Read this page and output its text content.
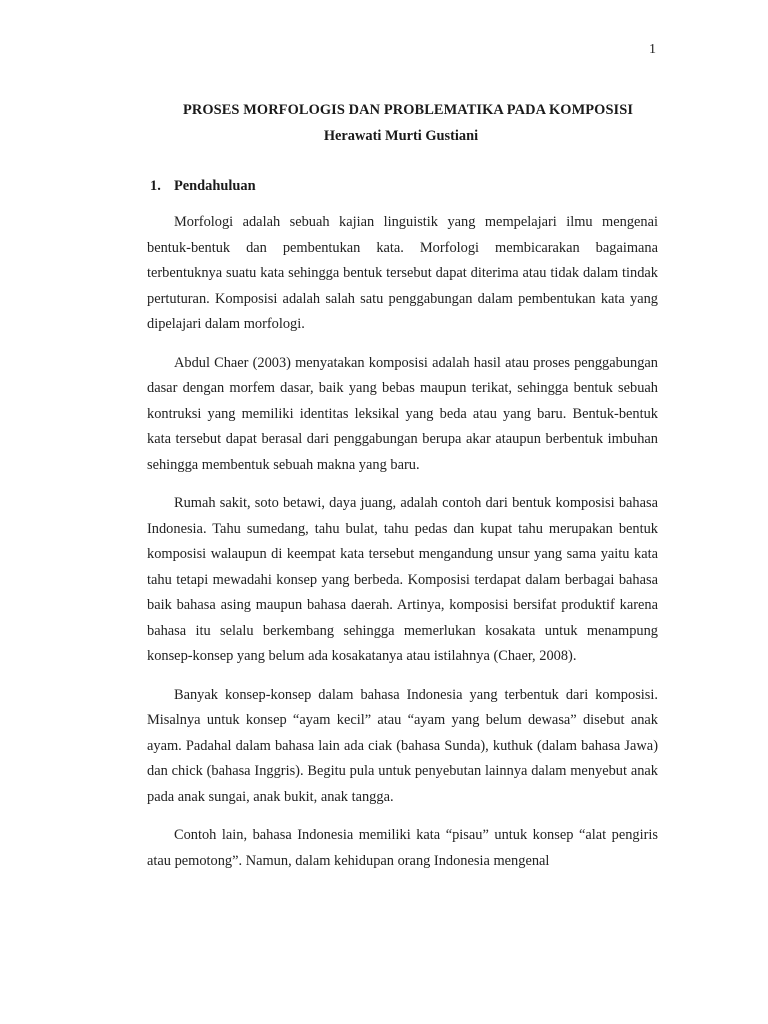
1
PROSES MORFOLOGIS DAN PROBLEMATIKA PADA KOMPOSISI
Herawati Murti Gustiani
1. Pendahuluan

Morfologi adalah sebuah kajian linguistik yang mempelajari ilmu mengenai bentuk-bentuk dan pembentukan kata. Morfologi membicarakan bagaimana terbentuknya suatu kata sehingga bentuk tersebut dapat diterima atau tidak dalam tindak pertuturan. Komposisi adalah salah satu penggabungan dalam pembentukan kata yang dipelajari dalam morfologi.

Abdul Chaer (2003) menyatakan komposisi adalah hasil atau proses penggabungan dasar dengan morfem dasar, baik yang bebas maupun terikat, sehingga bentuk sebuah kontruksi yang memiliki identitas leksikal yang beda atau yang baru. Bentuk-bentuk kata tersebut dapat berasal dari penggabungan berupa akar ataupun berbentuk imbuhan sehingga membentuk sebuah makna yang baru.

Rumah sakit, soto betawi, daya juang, adalah contoh dari bentuk komposisi bahasa Indonesia. Tahu sumedang, tahu bulat, tahu pedas dan kupat tahu merupakan bentuk komposisi walaupun di keempat kata tersebut mengandung unsur yang sama yaitu kata tahu tetapi mewadahi konsep yang berbeda. Komposisi terdapat dalam berbagai bahasa baik bahasa asing maupun bahasa daerah. Artinya, komposisi bersifat produktif karena bahasa itu selalu berkembang sehingga memerlukan kosakata untuk menampung konsep-konsep yang belum ada kosakatanya atau istilahnya (Chaer, 2008).

Banyak konsep-konsep dalam bahasa Indonesia yang terbentuk dari komposisi. Misalnya untuk konsep “ayam kecil” atau “ayam yang belum dewasa” disebut anak ayam. Padahal dalam bahasa lain ada ciak (bahasa Sunda), kuthuk (dalam bahasa Jawa) dan chick (bahasa Inggris). Begitu pula untuk penyebutan lainnya dalam menyebut anak pada anak sungai, anak bukit, anak tangga.

Contoh lain, bahasa Indonesia memiliki kata “pisau” untuk konsep “alat pengiris atau pemotong”. Namun, dalam kehidupan orang Indonesia mengenal
